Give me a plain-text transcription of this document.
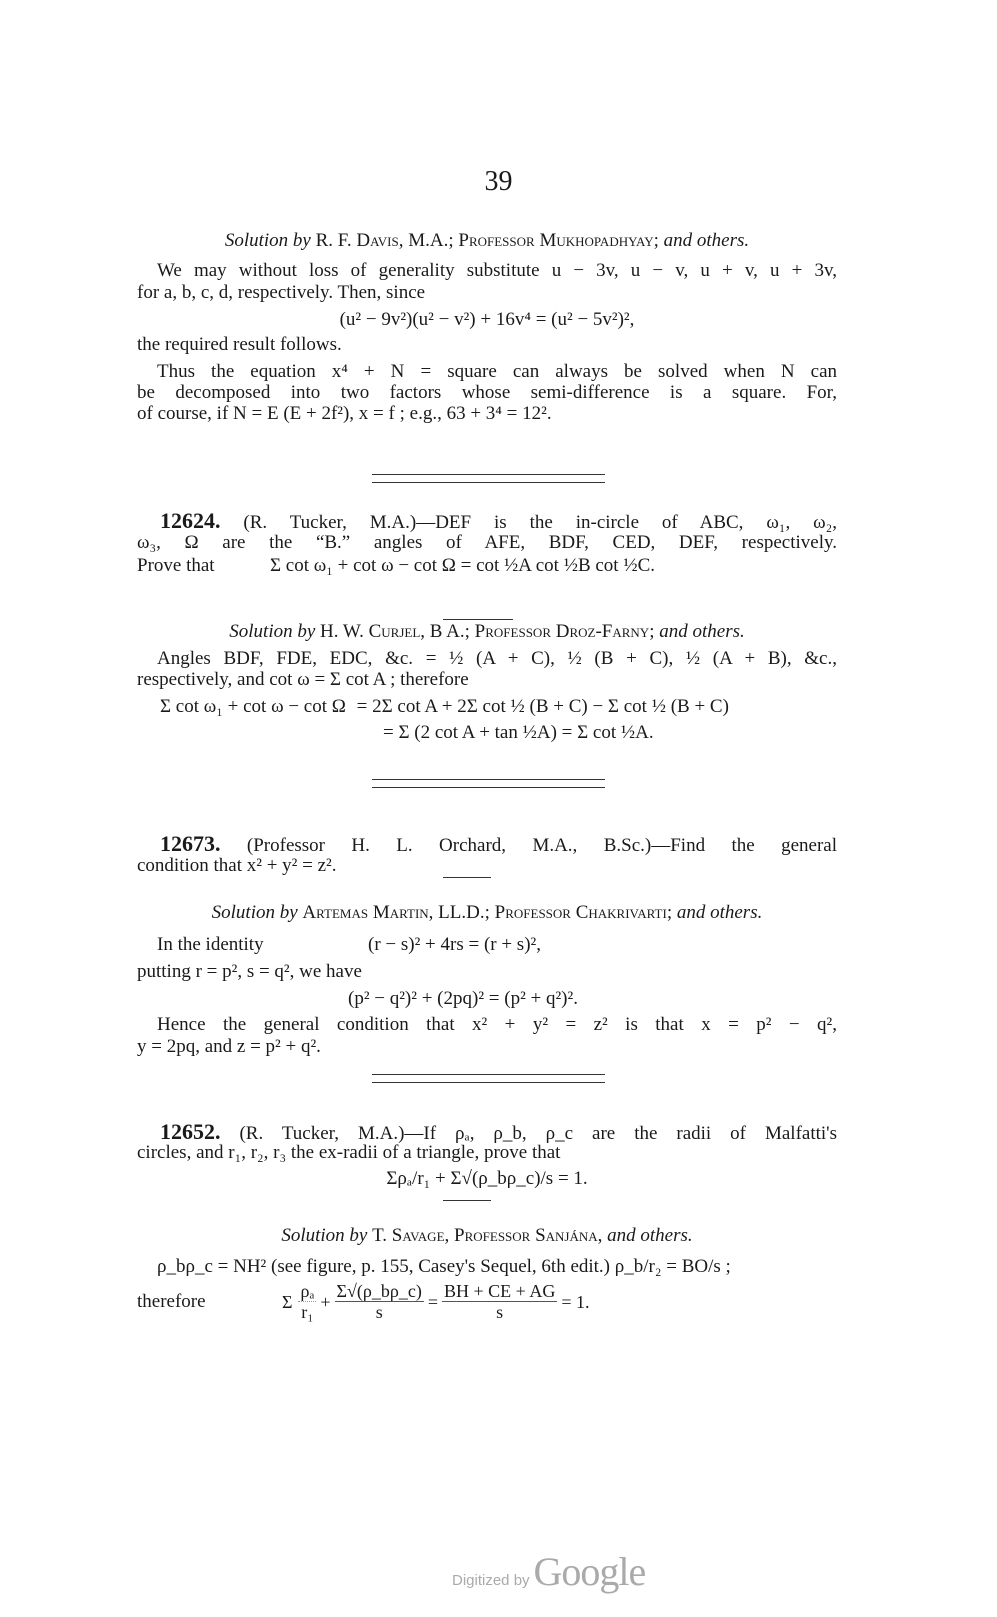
39
Solution by R. F. Davis, M.A.; Professor Mukhopadhyay; and others.
We may without loss of generality substitute u − 3v, u − v, u + v, u + 3v,
for a, b, c, d, respectively. Then, since
(u² − 9v²)(u² − v²) + 16v⁴ = (u² − 5v²)²,
the required result follows.
Thus the equation x⁴ + N = square can always be solved when N can
be decomposed into two factors whose semi-difference is a square. For,
of course, if N = E (E + 2f²), x = f ; e.g., 63 + 3⁴ = 12².
12624. (R. Tucker, M.A.)—DEF is the in-circle of ABC, ω₁, ω₂,
ω₃, Ω are the “B.” angles of AFE, BDF, CED, DEF, respectively.
Prove that	Σ cot ω₁ + cot ω − cot Ω = cot ½A cot ½B cot ½C.
Solution by H. W. Curjel, B A.; Professor Droz-Farny; and others.
Angles BDF, FDE, EDC, &c. = ½ (A + C), ½ (B + C), ½ (A + B), &c.,
respectively, and cot ω = Σ cot A ; therefore
Σ cot ω₁ + cot ω − cot Ω = 2Σ cot A + 2Σ cot ½ (B + C) − Σ cot ½ (B + C)
= Σ (2 cot A + tan ½A) = Σ cot ½A.
12673. (Professor H. L. Orchard, M.A., B.Sc.)—Find the general
condition that x² + y² = z².
Solution by Artemas Martin, LL.D.; Professor Chakrivarti; and others.
In the identity	(r − s)² + 4rs = (r + s)²,
putting r = p², s = q², we have
(p² − q²)² + (2pq)² = (p² + q²)².
Hence the general condition that x² + y² = z² is that x = p² − q²,
y = 2pq, and z = p² + q².
12652. (R. Tucker, M.A.)—If ρₐ, ρ_b, ρ_c are the radii of Malfatti's
circles, and r₁, r₂, r₃ the ex-radii of a triangle, prove that
Σρₐ/r₁ + Σ√(ρ_bρ_c)/s = 1.
Solution by T. Savage, Professor Sanjána, and others.
ρ_bρ_c = NH² (see figure, p. 155, Casey's Sequel, 6th edit.) ρ_b/r₂ = BO/s ;
therefore	Σ $\frac{\text{ρₐ}}{\text{r₁}} + \frac{\Sigma√(\rho\_b\rho\_c)}{s} = \frac{BH + CE + AG}{s} = 1$.
Digitized by Google
